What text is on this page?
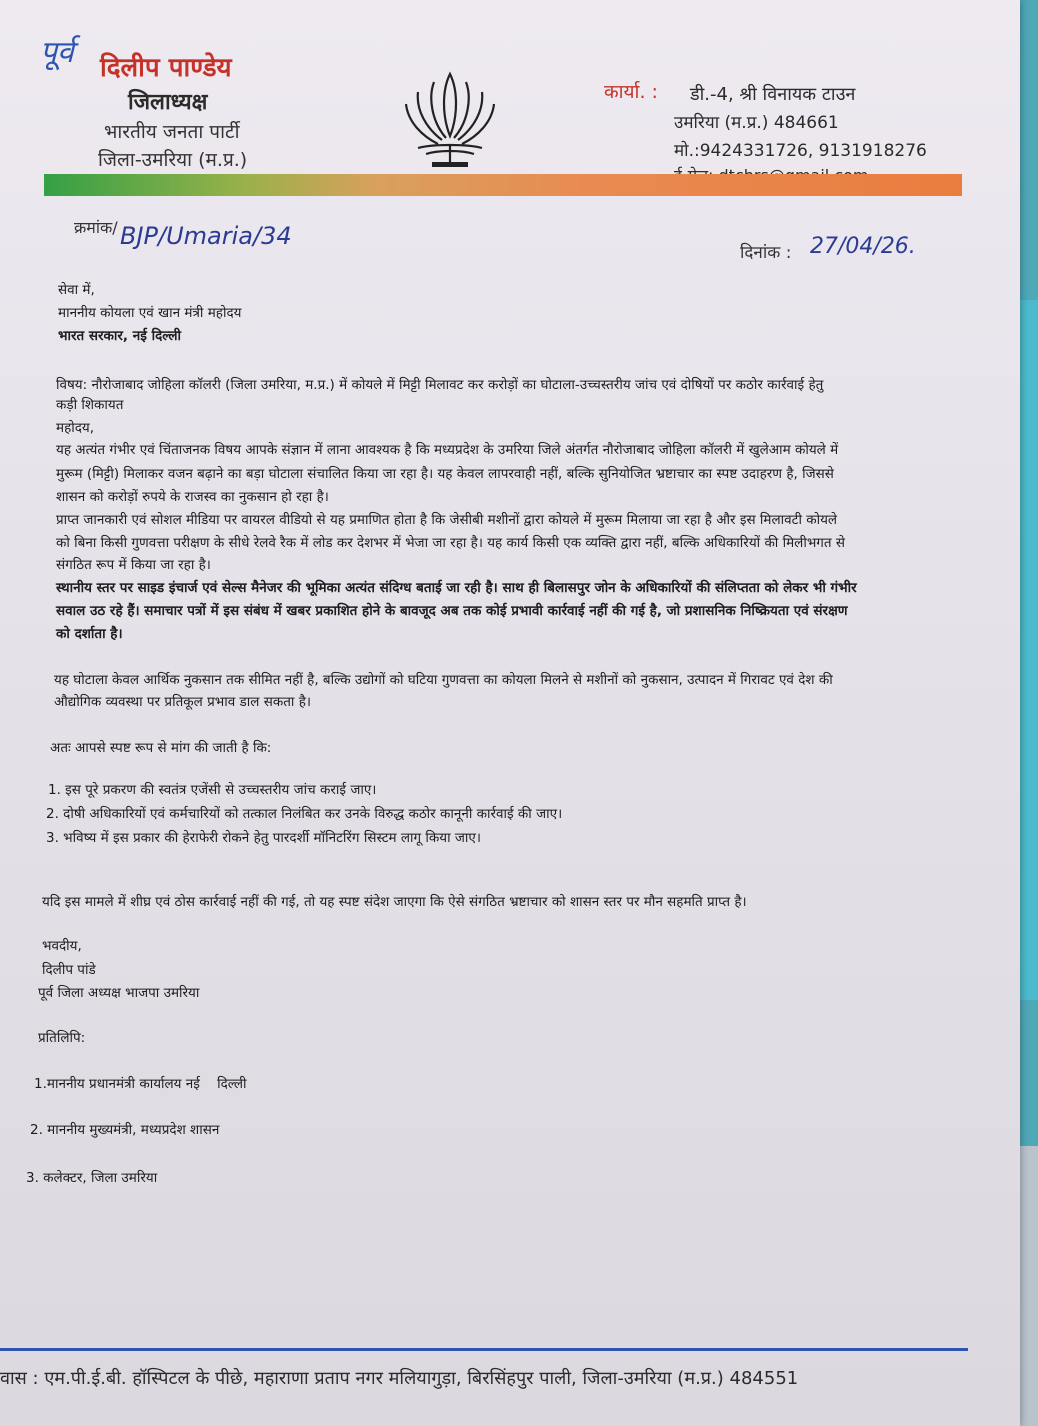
पूर्व दिलीप पाण्डेय
जिलाध्यक्ष
भारतीय जनता पार्टी
जिला-उमरिया (म.प्र.)
कार्या. : डी.-4, श्री विनायक टाउन
उमरिया (म.प्र.) 484661
मो.:9424331726, 9131918276
क्रमांक/ BJP/Umaria/34
दिनांक : 27/04/26.
सेवा में,
माननीय कोयला एवं खान मंत्री महोदय
भारत सरकार, नई दिल्ली
विषय: नौरोजाबाद जोहिला कॉलरी (जिला उमरिया, म.प्र.) में कोयले में मिट्टी मिलावट कर करोड़ों का घोटाला-उच्चस्तरीय जांच एवं दोषियों पर कठोर कार्रवाई हेतु
कड़ी शिकायत
महोदय,
यह अत्यंत गंभीर एवं चिंताजनक विषय आपके संज्ञान में लाना आवश्यक है कि मध्यप्रदेश के उमरिया जिले अंतर्गत नौरोजाबाद जोहिला कॉलरी में खुलेआम कोयले में
मुरूम (मिट्टी) मिलाकर वजन बढ़ाने का बड़ा घोटाला संचालित किया जा रहा है। यह केवल लापरवाही नहीं, बल्कि सुनियोजित भ्रष्टाचार का स्पष्ट उदाहरण है, जिससे
शासन को करोड़ों रुपये के राजस्व का नुकसान हो रहा है।
प्राप्त जानकारी एवं सोशल मीडिया पर वायरल वीडियो से यह प्रमाणित होता है कि जेसीबी मशीनों द्वारा कोयले में मुरूम मिलाया जा रहा है और इस मिलावटी कोयले
को बिना किसी गुणवत्ता परीक्षण के सीधे रेलवे रैक में लोड कर देशभर में भेजा जा रहा है। यह कार्य किसी एक व्यक्ति द्वारा नहीं, बल्कि अधिकारियों की मिलीभगत से
संगठित रूप में किया जा रहा है।
स्थानीय स्तर पर साइड इंचार्ज एवं सेल्स मैनेजर की भूमिका अत्यंत संदिग्ध बताई जा रही है। साथ ही बिलासपुर जोन के अधिकारियों की संलिप्तता को लेकर भी गंभीर
सवाल उठ रहे हैं। समाचार पत्रों में इस संबंध में खबर प्रकाशित होने के बावजूद अब तक कोई प्रभावी कार्रवाई नहीं की गई है, जो प्रशासनिक निष्क्रियता एवं संरक्षण
को दर्शाता है।
यह घोटाला केवल आर्थिक नुकसान तक सीमित नहीं है, बल्कि उद्योगों को घटिया गुणवत्ता का कोयला मिलने से मशीनों को नुकसान, उत्पादन में गिरावट एवं देश की
औद्योगिक व्यवस्था पर प्रतिकूल प्रभाव डाल सकता है।
अतः आपसे स्पष्ट रूप से मांग की जाती है कि:
1. इस पूरे प्रकरण की स्वतंत्र एजेंसी से उच्चस्तरीय जांच कराई जाए।
2. दोषी अधिकारियों एवं कर्मचारियों को तत्काल निलंबित कर उनके विरुद्ध कठोर कानूनी कार्रवाई की जाए।
3. भविष्य में इस प्रकार की हेराफेरी रोकने हेतु पारदर्शी मॉनिटरिंग सिस्टम लागू किया जाए।
यदि इस मामले में शीघ्र एवं ठोस कार्रवाई नहीं की गई, तो यह स्पष्ट संदेश जाएगा कि ऐसे संगठित भ्रष्टाचार को शासन स्तर पर मौन सहमति प्राप्त है।
भवदीय,
दिलीप पांडे
पूर्व जिला अध्यक्ष भाजपा उमरिया
प्रतिलिपि:
1.माननीय प्रधानमंत्री कार्यालय नई    दिल्ली
2. माननीय मुख्यमंत्री, मध्यप्रदेश शासन
3. कलेक्टर, जिला उमरिया
वास : एम.पी.ई.बी. हॉस्पिटल के पीछे, महाराणा प्रताप नगर मलियागुड़ा, बिरसिंहपुर पाली, जिला-उमरिया (म.प्र.) 484551
